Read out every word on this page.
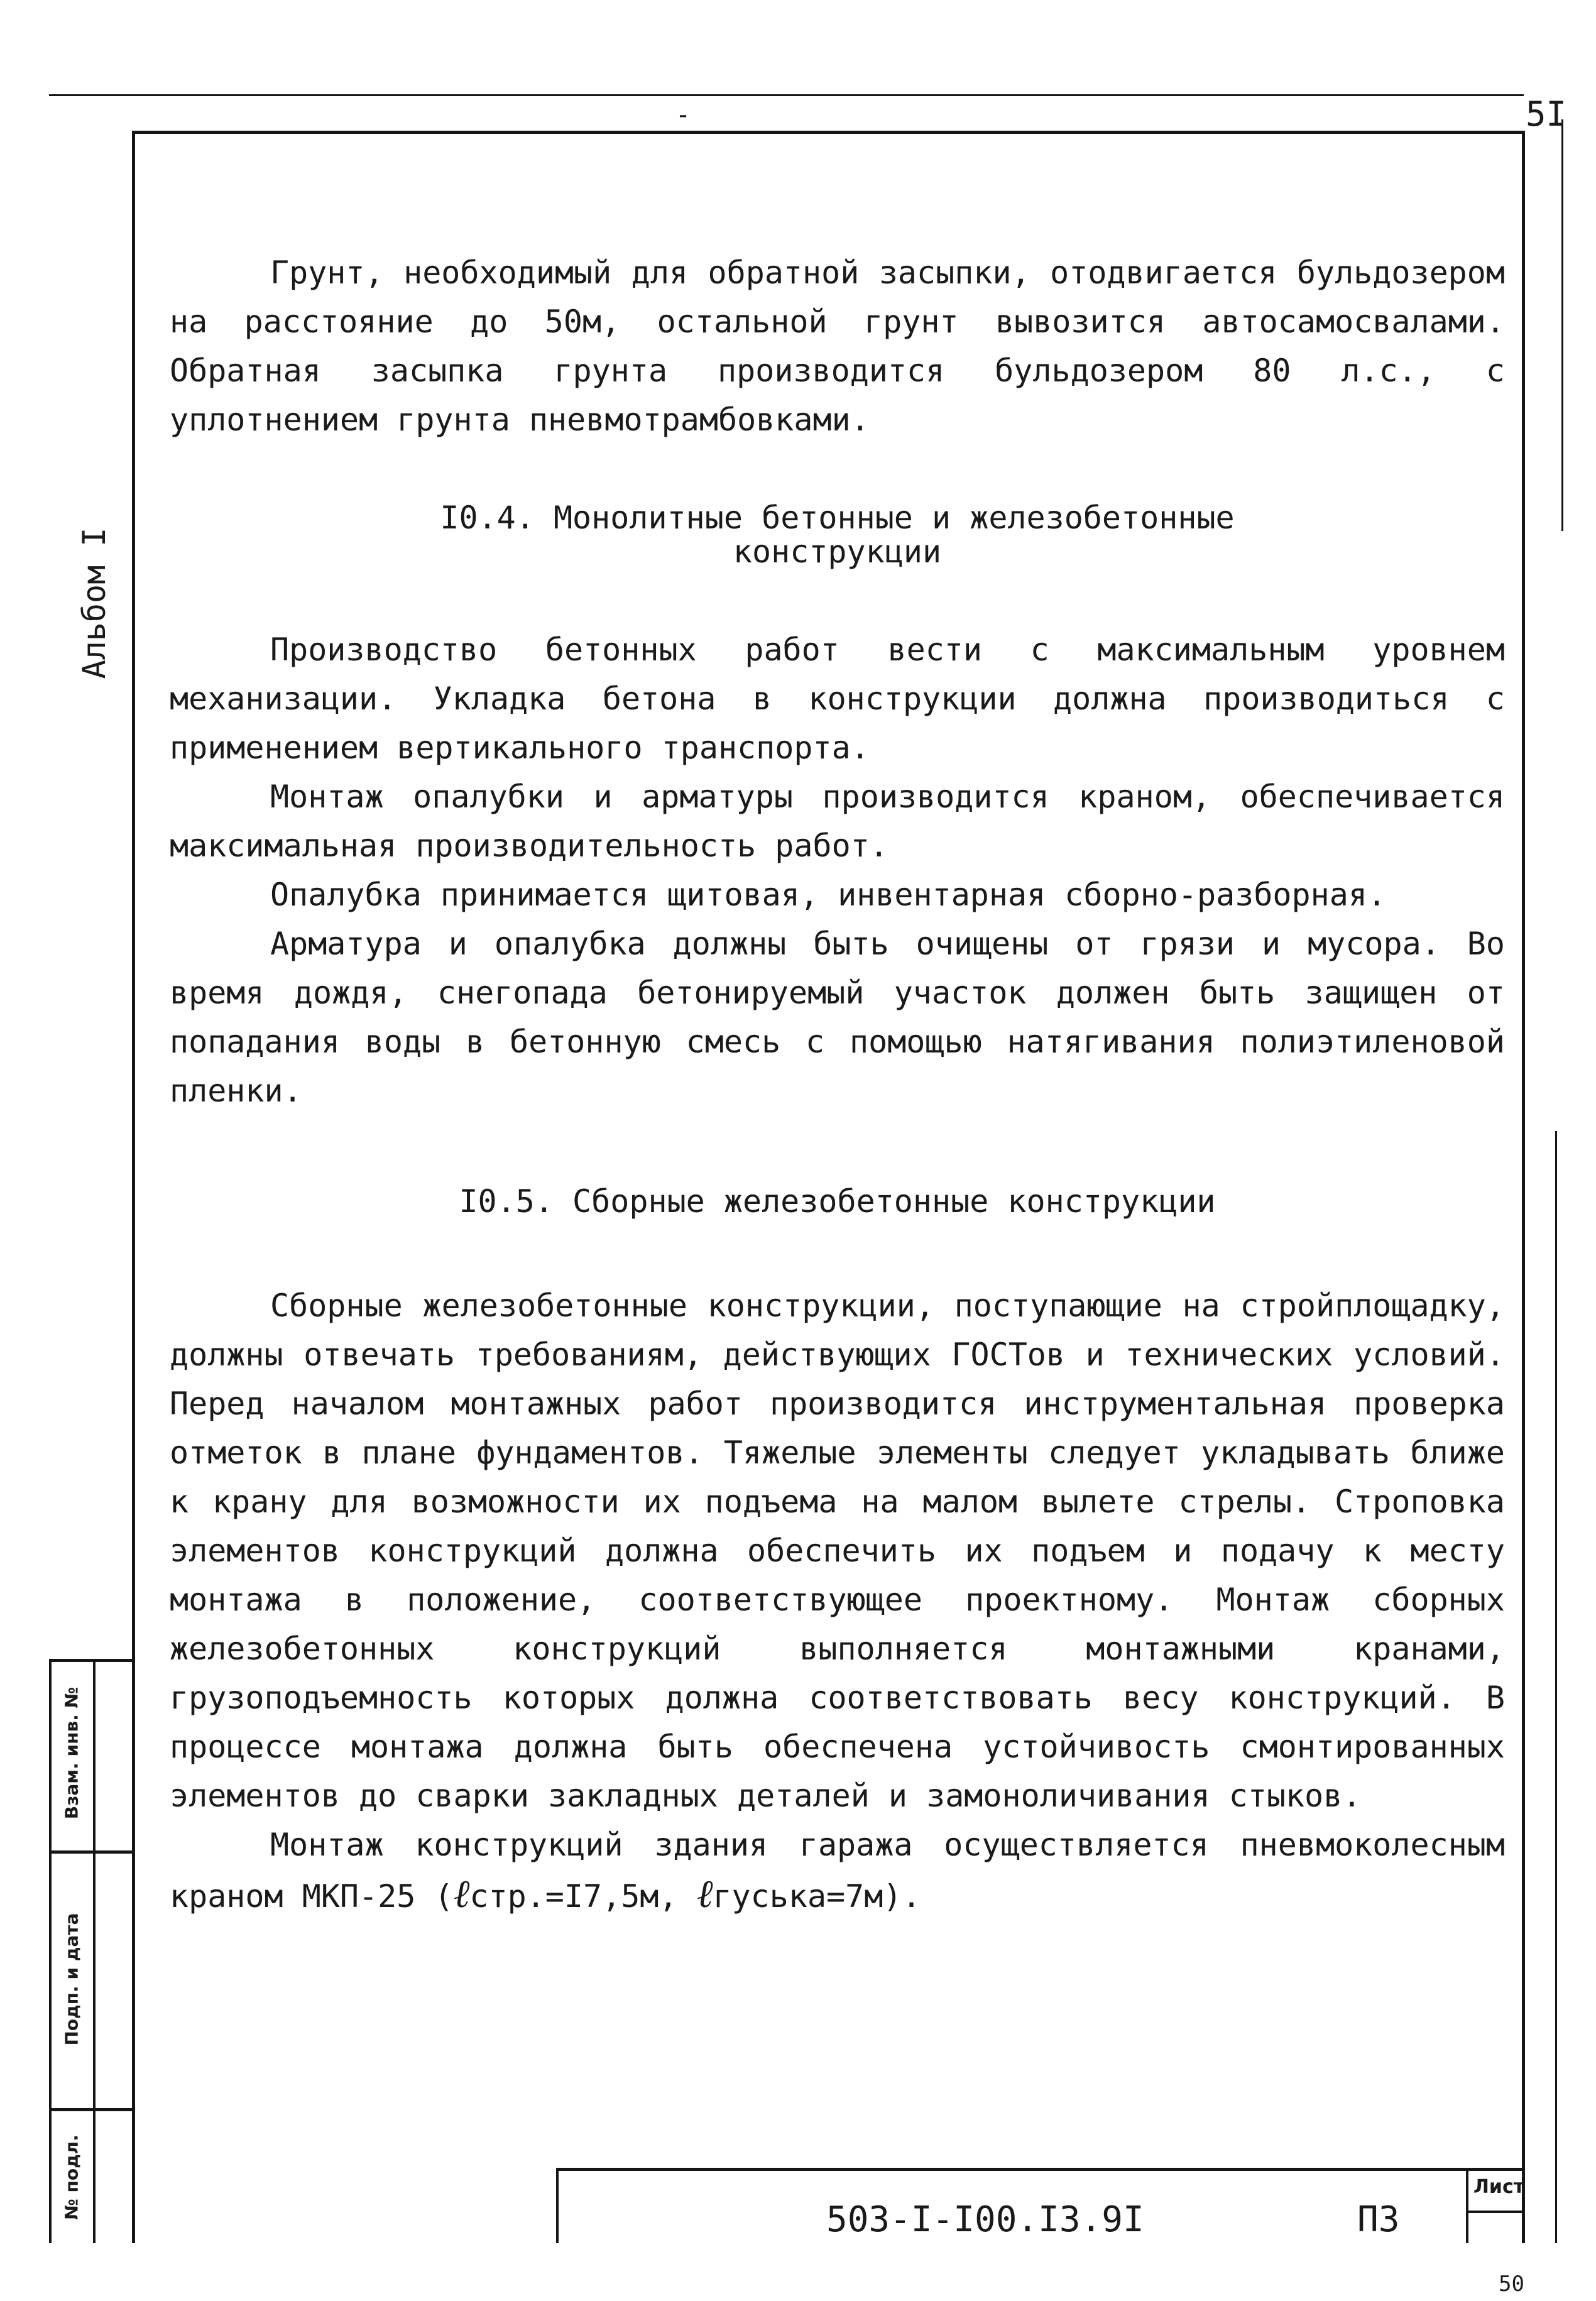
5I
-
Альбом I

Грунт, необходимый для обратной засыпки, отодвигается бульдозером на расстояние до 50м, остальной грунт вывозится автосамосвалами. Обратная засыпка грунта производится бульдозером 80 л.с., с уплотнением грунта пневмотрамбовками.

I0.4. Монолитные бетонные и железобетонные
конструкции

Производство бетонных работ вести с максимальным уровнем механизации. Укладка бетона в конструкции должна производиться с применением вертикального транспорта.

Монтаж опалубки и арматуры производится краном, обеспечивается максимальная производительность работ.

Опалубка принимается щитовая, инвентарная сборно-разборная.

Арматура и опалубка должны быть очищены от грязи и мусора. Во время дождя, снегопада бетонируемый участок должен быть защищен от попадания воды в бетонную смесь с помощью натягивания полиэтиленовой пленки.

I0.5. Сборные железобетонные конструкции

Сборные железобетонные конструкции, поступающие на стройплощадку, должны отвечать требованиям, действующих ГОСТов и технических условий. Перед началом монтажных работ производится инструментальная проверка отметок в плане фундаментов. Тяжелые элементы следует укладывать ближе к крану для возможности их подъема на малом вылете стрелы. Строповка элементов конструкций должна обеспечить их подъем и подачу к месту монтажа в положение, соответствующее проектному. Монтаж сборных железобетонных конструкций выполняется монтажными кранами, грузоподъемность которых должна соответствовать весу конструкций. В процессе монтажа должна быть обеспечена устойчивость смонтированных элементов до сварки закладных деталей и замоноличивания стыков.

Монтаж конструкций здания гаража осуществляется пневмоколесным краном МКП-25 (ℓстр.=I7,5м, ℓгуська=7м).

Взам. инв. №
Подп. и дата
№ подл.	503-I-I00.I3.9I	ПЗ
Лист
50
